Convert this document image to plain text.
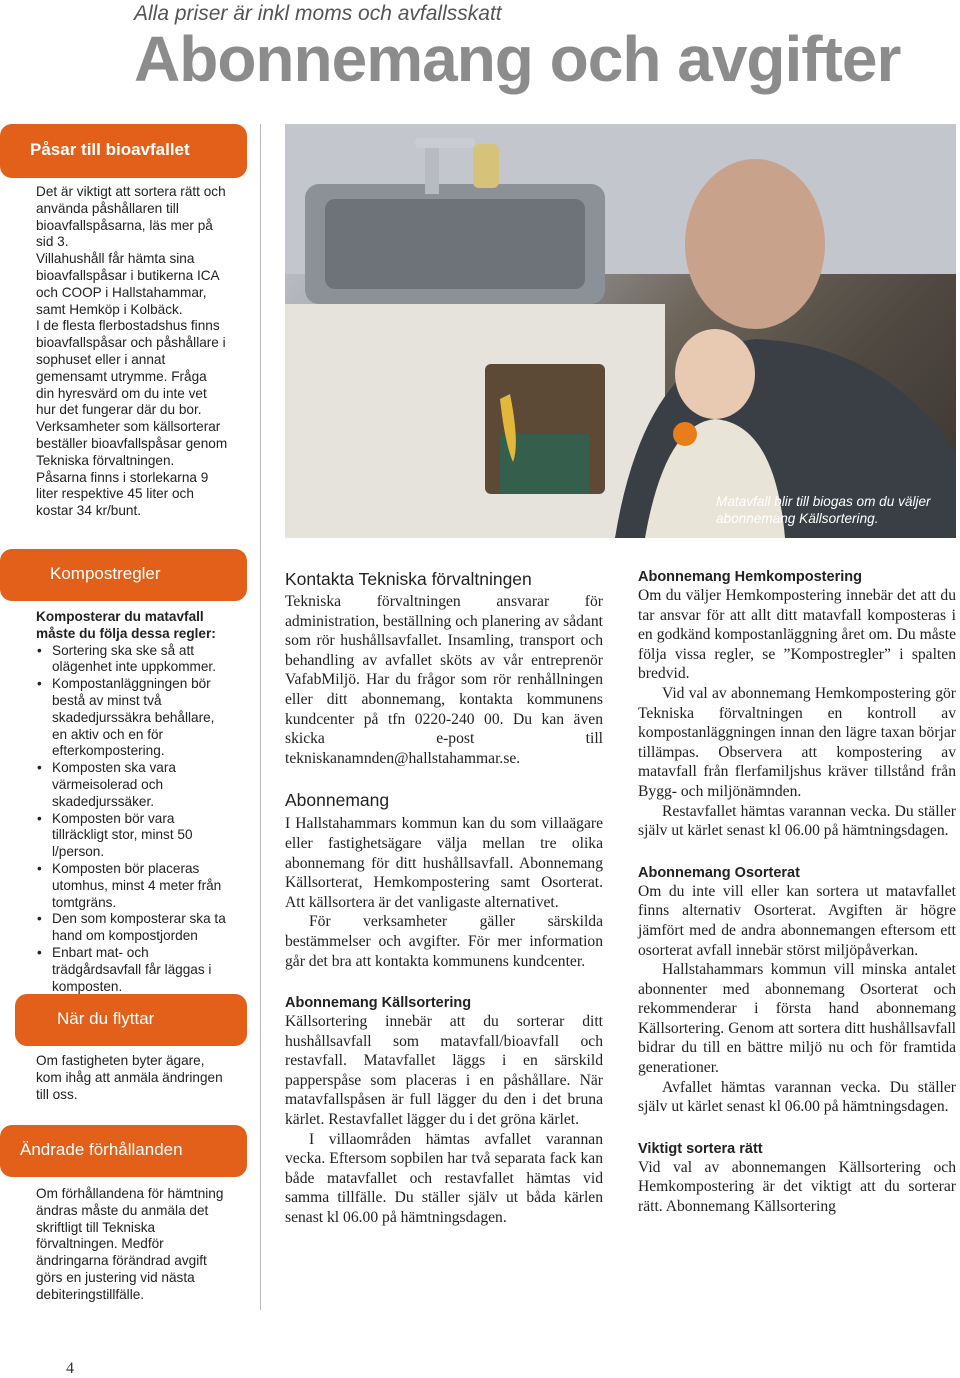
Alla priser är inkl moms och avfallsskatt
Abonnemang och avgifter
Påsar till bioavfallet

Det är viktigt att sortera rätt och använda påshållaren till bioavfallspåsarna, läs mer på sid 3.

Villahushåll får hämta sina bioavfallspåsar i butikerna ICA och COOP i Hallstahammar, samt Hemköp i Kolbäck.

I de flesta flerbostadshus finns bioavfallspåsar och påshållare i sophuset eller i annat gemensamt utrymme. Fråga din hyresvärd om du inte vet hur det fungerar där du bor.

Verksamheter som källsorterar beställer bioavfallspåsar genom Tekniska förvaltningen.

Påsarna finns i storlekarna 9 liter respektive 45 liter och kostar 34 kr/bunt.

Kompostregler

Komposterar du matavfall måste du följa dessa regler:

• Sortering ska ske så att olägenhet inte uppkommer.
• Kompostanläggningen bör bestå av minst två skadedjurssäkra behållare, en aktiv och en för efterkompostering.
• Komposten ska vara värmeisolerad och skadedjurssäker.
• Komposten bör vara tillräckligt stor, minst 50 l/person.
• Komposten bör placeras utomhus, minst 4 meter från tomtgräns.
• Den som komposterar ska ta hand om kompostjorden
• Enbart mat- och trädgårdsavfall får läggas i komposten.
När du flyttar

Om fastigheten byter ägare, kom ihåg att anmäla ändringen till oss.

Ändrade förhållanden

Om förhållandena för hämtning ändras måste du anmäla det skriftligt till Tekniska förvaltningen. Medför ändringarna förändrad avgift görs en justering vid nästa debiteringstillfälle.

Matavfall blir till biogas om du väljer
abonnemang Källsortering.
Kontakta Tekniska förvaltningen

Tekniska förvaltningen ansvarar för administration, beställning och planering av sådant som rör hushållsavfallet. Insamling, transport och behandling av avfallet sköts av vår entreprenör VafabMiljö. Har du frågor som rör renhållningen eller ditt abonnemang, kontakta kommunens kundcenter på tfn 0220-240 00. Du kan även skicka e-post till tekniskanamnden@hallstahammar.se.

Abonnemang

I Hallstahammars kommun kan du som villaägare eller fastighetsägare välja mellan tre olika abonnemang för ditt hushållsavfall. Abonnemang Källsorterat, Hemkompostering samt Osorterat. Att källsortera är det vanligaste alternativet.

För verksamheter gäller särskilda bestämmelser och avgifter. För mer information går det bra att kontakta kommunens kundcenter.

Abonnemang Källsortering

Källsortering innebär att du sorterar ditt hushållsavfall som matavfall/bioavfall och restavfall. Matavfallet läggs i en särskild papperspåse som placeras i en påshållare. När matavfallspåsen är full lägger du den i det bruna kärlet. Restavfallet lägger du i det gröna kärlet.

I villaområden hämtas avfallet varannan vecka. Eftersom sopbilen har två separata fack kan både matavfallet och restavfallet hämtas vid samma tillfälle. Du ställer själv ut båda kärlen senast kl 06.00 på hämtningsdagen.

Abonnemang Hemkompostering

Om du väljer Hemkompostering innebär det att du tar ansvar för att allt ditt matavfall komposteras i en godkänd kompostanläggning året om. Du måste följa vissa regler, se ”Kompostregler” i spalten bredvid.

Vid val av abonnemang Hemkompostering gör Tekniska förvaltningen en kontroll av kompostanläggningen innan den lägre taxan börjar tillämpas. Observera att kompostering av matavfall från flerfamiljshus kräver tillstånd från Bygg- och miljönämnden.

Restavfallet hämtas varannan vecka. Du ställer själv ut kärlet senast kl 06.00 på hämtningsdagen.

Abonnemang Osorterat

Om du inte vill eller kan sortera ut matavfallet finns alternativ Osorterat. Avgiften är högre jämfört med de andra abonnemangen eftersom ett osorterat avfall innebär störst miljöpåverkan.

Hallstahammars kommun vill minska antalet abonnenter med abonnemang Osorterat och rekommenderar i första hand abonnemang Källsortering. Genom att sortera ditt hushållsavfall bidrar du till en bättre miljö nu och för framtida generationer.

Avfallet hämtas varannan vecka. Du ställer själv ut kärlet senast kl 06.00 på hämtningsdagen.

Viktigt sortera rätt

Vid val av abonnemangen Källsortering och Hemkompostering är det viktigt att du sorterar rätt. Abonnemang Källsortering

4
